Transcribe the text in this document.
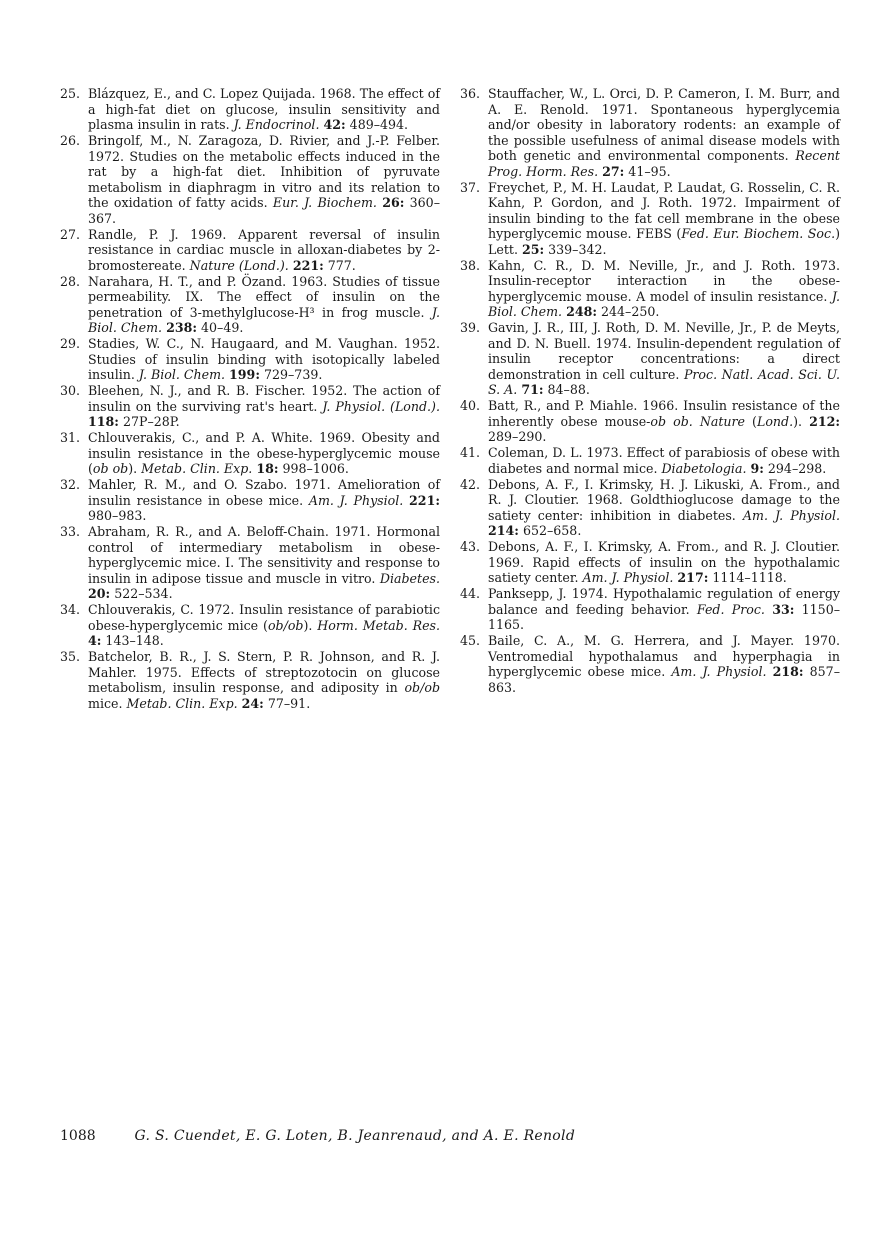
25. Blázquez, E., and C. Lopez Quijada. 1968. The effect of a high-fat diet on glucose, insulin sensitivity and plasma insulin in rats. J. Endocrinol. 42: 489–494.
26. Bringolf, M., N. Zaragoza, D. Rivier, and J.-P. Felber. 1972. Studies on the metabolic effects induced in the rat by a high-fat diet. Inhibition of pyruvate metabolism in diaphragm in vitro and its relation to the oxidation of fatty acids. Eur. J. Biochem. 26: 360–367.
27. Randle, P. J. 1969. Apparent reversal of insulin resistance in cardiac muscle in alloxan-diabetes by 2-bromostereate. Nature (Lond.). 221: 777.
28. Narahara, H. T., and P. Özand. 1963. Studies of tissue permeability. IX. The effect of insulin on the penetration of 3-methylglucose-H³ in frog muscle. J. Biol. Chem. 238: 40–49.
29. Stadies, W. C., N. Haugaard, and M. Vaughan. 1952. Studies of insulin binding with isotopically labeled insulin. J. Biol. Chem. 199: 729–739.
30. Bleehen, N. J., and R. B. Fischer. 1952. The action of insulin on the surviving rat's heart. J. Physiol. (Lond.). 118: 27P–28P.
31. Chlouverakis, C., and P. A. White. 1969. Obesity and insulin resistance in the obese-hyperglycemic mouse (ob ob). Metab. Clin. Exp. 18: 998–1006.
32. Mahler, R. M., and O. Szabo. 1971. Amelioration of insulin resistance in obese mice. Am. J. Physiol. 221: 980–983.
33. Abraham, R. R., and A. Beloff-Chain. 1971. Hormonal control of intermediary metabolism in obese-hyperglycemic mice. I. The sensitivity and response to insulin in adipose tissue and muscle in vitro. Diabetes. 20: 522–534.
34. Chlouverakis, C. 1972. Insulin resistance of parabiotic obese-hyperglycemic mice (ob/ob). Horm. Metab. Res. 4: 143–148.
35. Batchelor, B. R., J. S. Stern, P. R. Johnson, and R. J. Mahler. 1975. Effects of streptozotocin on glucose metabolism, insulin response, and adiposity in ob/ob mice. Metab. Clin. Exp. 24: 77–91.
36. Stauffacher, W., L. Orci, D. P. Cameron, I. M. Burr, and A. E. Renold. 1971. Spontaneous hyperglycemia and/or obesity in laboratory rodents: an example of the possible usefulness of animal disease models with both genetic and environmental components. Recent Prog. Horm. Res. 27: 41–95.
37. Freychet, P., M. H. Laudat, P. Laudat, G. Rosselin, C. R. Kahn, P. Gordon, and J. Roth. 1972. Impairment of insulin binding to the fat cell membrane in the obese hyperglycemic mouse. FEBS (Fed. Eur. Biochem. Soc.) Lett. 25: 339–342.
38. Kahn, C. R., D. M. Neville, Jr., and J. Roth. 1973. Insulin-receptor interaction in the obese-hyperglycemic mouse. A model of insulin resistance. J. Biol. Chem. 248: 244–250.
39. Gavin, J. R., III, J. Roth, D. M. Neville, Jr., P. de Meyts, and D. N. Buell. 1974. Insulin-dependent regulation of insulin receptor concentrations: a direct demonstration in cell culture. Proc. Natl. Acad. Sci. U. S. A. 71: 84–88.
40. Batt, R., and P. Miahle. 1966. Insulin resistance of the inherently obese mouse-ob ob. Nature (Lond.). 212: 289–290.
41. Coleman, D. L. 1973. Effect of parabiosis of obese with diabetes and normal mice. Diabetologia. 9: 294–298.
42. Debons, A. F., I. Krimsky, H. J. Likuski, A. From., and R. J. Cloutier. 1968. Goldthioglucose damage to the satiety center: inhibition in diabetes. Am. J. Physiol. 214: 652–658.
43. Debons, A. F., I. Krimsky, A. From., and R. J. Cloutier. 1969. Rapid effects of insulin on the hypothalamic satiety center. Am. J. Physiol. 217: 1114–1118.
44. Panksepp, J. 1974. Hypothalamic regulation of energy balance and feeding behavior. Fed. Proc. 33: 1150–1165.
45. Baile, C. A., M. G. Herrera, and J. Mayer. 1970. Ventromedial hypothalamus and hyperphagia in hyperglycemic obese mice. Am. J. Physiol. 218: 857–863.
1088	G. S. Cuendet, E. G. Loten, B. Jeanrenaud, and A. E. Renold
